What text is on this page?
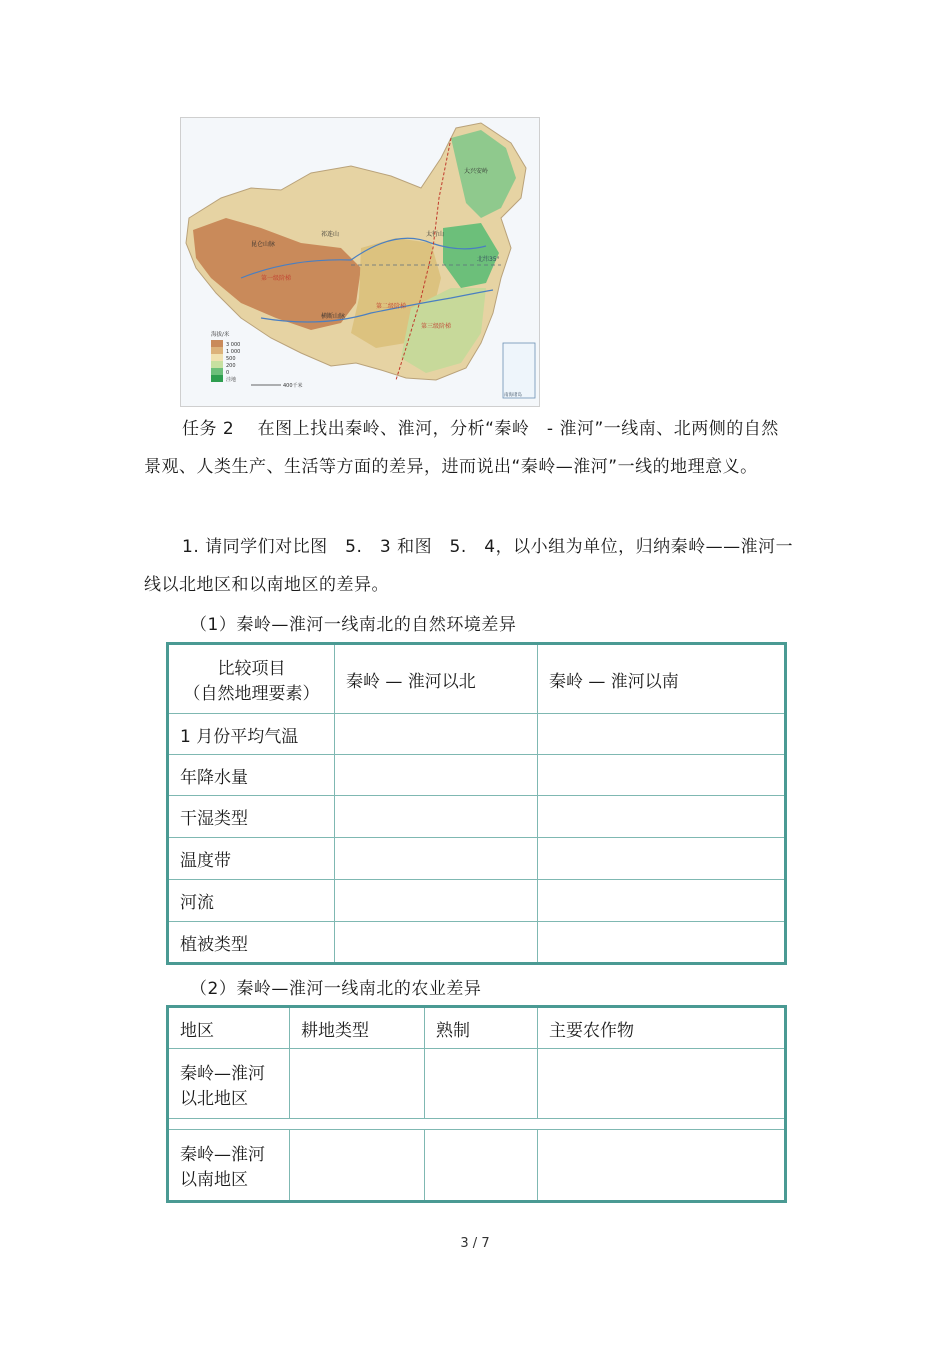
北纬35°
第一级阶梯
第二级阶梯
第三级阶梯
昆仑山脉
祁连山
横断山脉
大兴安岭
太行山
南海诸岛
海拔/米
3 000
1 000
500
200
0
洼地
400千米
任务 2　 在图上找出秦岭、淮河，分析“秦岭　- 淮河”一线南、北两侧的自然景观、人类生产、生活等方面的差异，进而说出“秦岭—淮河”一线的地理意义。
1. 请同学们对比图　5.　3 和图　5.　4，以小组为单位，归纳秦岭——淮河一线以北地区和以南地区的差异。
（1）秦岭—淮河一线南北的自然环境差异
比较项目
（自然地理要素）	秦岭 — 淮河以北	秦岭 — 淮河以南
1 月份平均气温		
年降水量		
干湿类型		
温度带		
河流		
植被类型		
（2）秦岭—淮河一线南北的农业差异
地区	耕地类型	熟制	主要农作物

秦岭—淮河
以北地区			

秦岭—淮河
以南地区			

3 / 7
